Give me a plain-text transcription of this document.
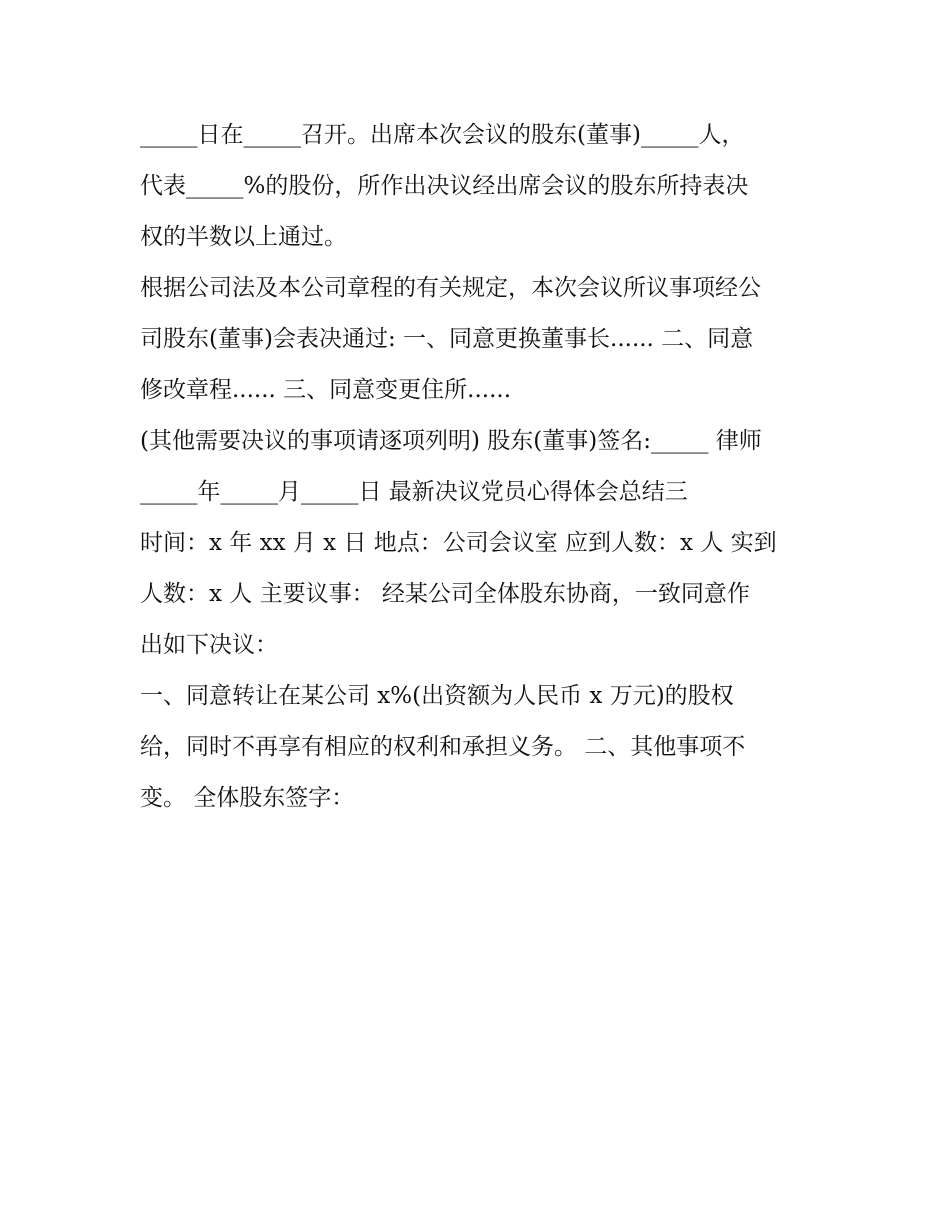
_____日在_____召开。出席本次会议的股东(董事)_____人，
代表_____%的股份，所作出决议经出席会议的股东所持表决
权的半数以上通过。
根据公司法及本公司章程的有关规定，本次会议所议事项经公
司股东(董事)会表决通过: 一、同意更换董事长...... 二、同意
修改章程...... 三、同意变更住所......
(其他需要决议的事项请逐项列明) 股东(董事)签名:_____ 律师
_____年_____月_____日 最新决议党员心得体会总结三
时间：x 年 xx 月 x 日 地点：公司会议室 应到人数：x 人 实到
人数：x 人 主要议事： 经某公司全体股东协商，一致同意作
出如下决议：
一、同意转让在某公司 x%(出资额为人民币 x 万元)的股权
给，同时不再享有相应的权利和承担义务。 二、其他事项不
变。 全体股东签字：
